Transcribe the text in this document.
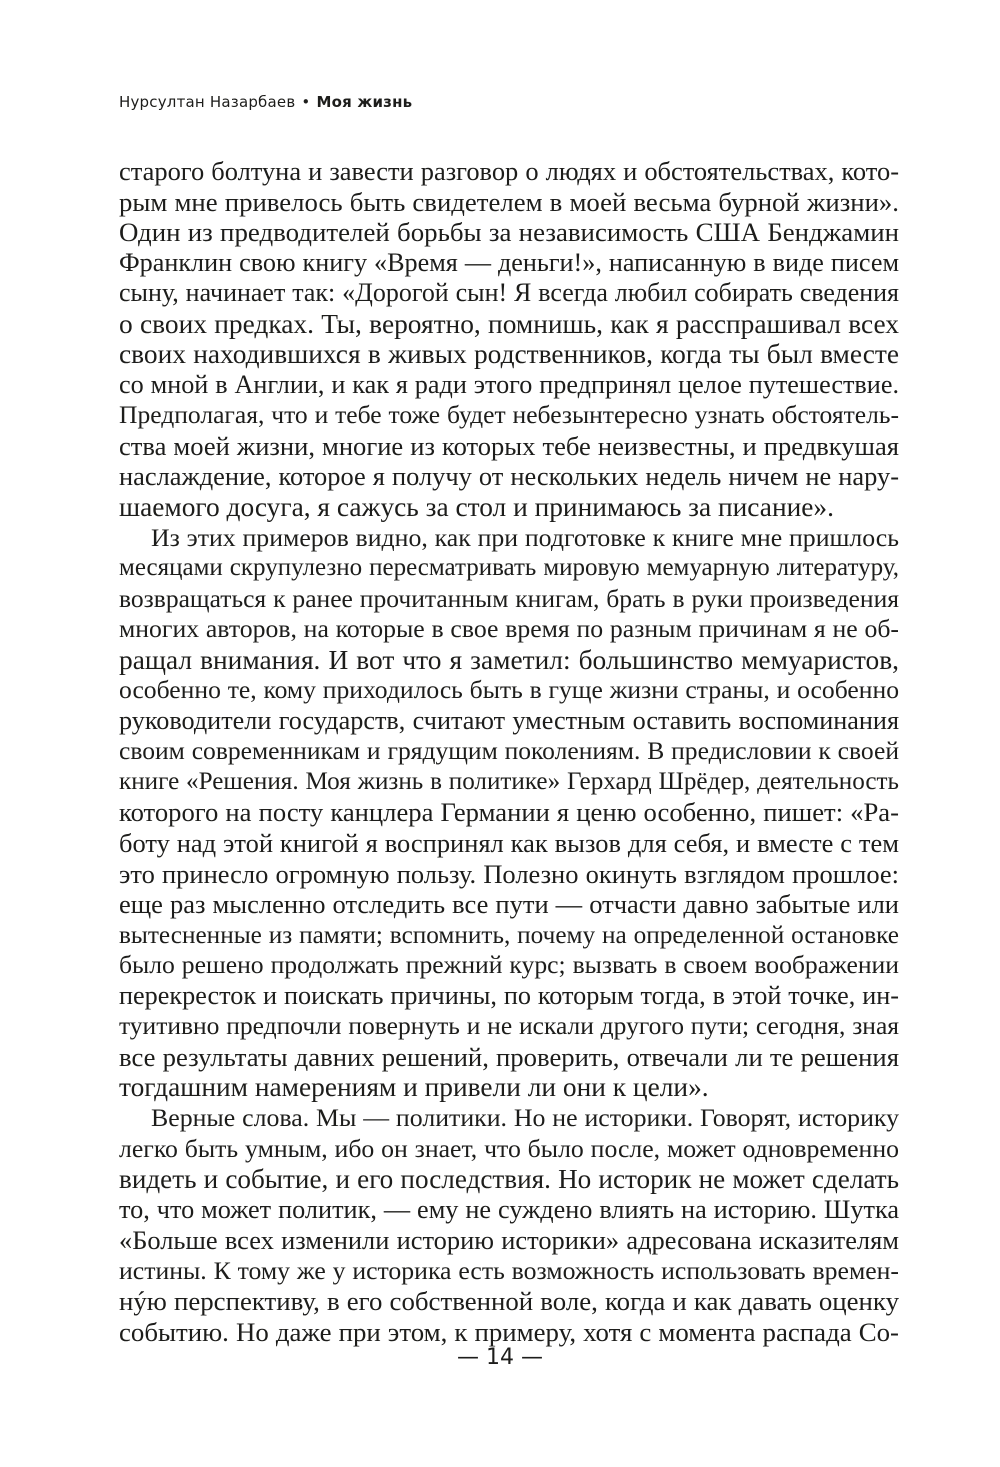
Нурсултан Назарбаев • Моя жизнь
старого болтуна и завести разговор о людях и обстоятельствах, кото-
рым мне привелось быть свидетелем в моей весьма бурной жизни».
Один из предводителей борьбы за независимость США Бенджамин
Франклин свою книгу «Время — деньги!», написанную в виде писем
сыну, начинает так: «Дорогой сын! Я всегда любил собирать сведения
о своих предках. Ты, вероятно, помнишь, как я расспрашивал всех
своих находившихся в живых родственников, когда ты был вместе
со мной в Англии, и как я ради этого предпринял целое путешествие.
Предполагая, что и тебе тоже будет небезынтересно узнать обстоятель-
ства моей жизни, многие из которых тебе неизвестны, и предвкушая
наслаждение, которое я получу от нескольких недель ничем не нару-
шаемого досуга, я сажусь за стол и принимаюсь за писание».
Из этих примеров видно, как при подготовке к книге мне пришлось
месяцами скрупулезно пересматривать мировую мемуарную литературу,
возвращаться к ранее прочитанным книгам, брать в руки произведения
многих авторов, на которые в свое время по разным причинам я не об-
ращал внимания. И вот что я заметил: большинство мемуаристов,
особенно те, кому приходилось быть в гуще жизни страны, и особенно
руководители государств, считают уместным оставить воспоминания
своим современникам и грядущим поколениям. В предисловии к своей
книге «Решения. Моя жизнь в политике» Герхард Шрёдер, деятельность
которого на посту канцлера Германии я ценю особенно, пишет: «Ра-
боту над этой книгой я воспринял как вызов для себя, и вместе с тем
это принесло огромную пользу. Полезно окинуть взглядом прошлое:
еще раз мысленно отследить все пути — отчасти давно забытые или
вытесненные из памяти; вспомнить, почему на определенной остановке
было решено продолжать прежний курс; вызвать в своем воображении
перекресток и поискать причины, по которым тогда, в этой точке, ин-
туитивно предпочли повернуть и не искали другого пути; сегодня, зная
все результаты давних решений, проверить, отвечали ли те решения
тогдашним намерениям и привели ли они к цели».
Верные слова. Мы — политики. Но не историки. Говорят, историку
легко быть умным, ибо он знает, что было после, может одновременно
видеть и событие, и его последствия. Но историк не может сделать
то, что может политик, — ему не суждено влиять на историю. Шутка
«Больше всех изменили историю историки» адресована исказителям
истины. К тому же у историка есть возможность использовать времен-
нýю перспективу, в его собственной воле, когда и как давать оценку
событию. Но даже при этом, к примеру, хотя с момента распада Со-
— 14 —
